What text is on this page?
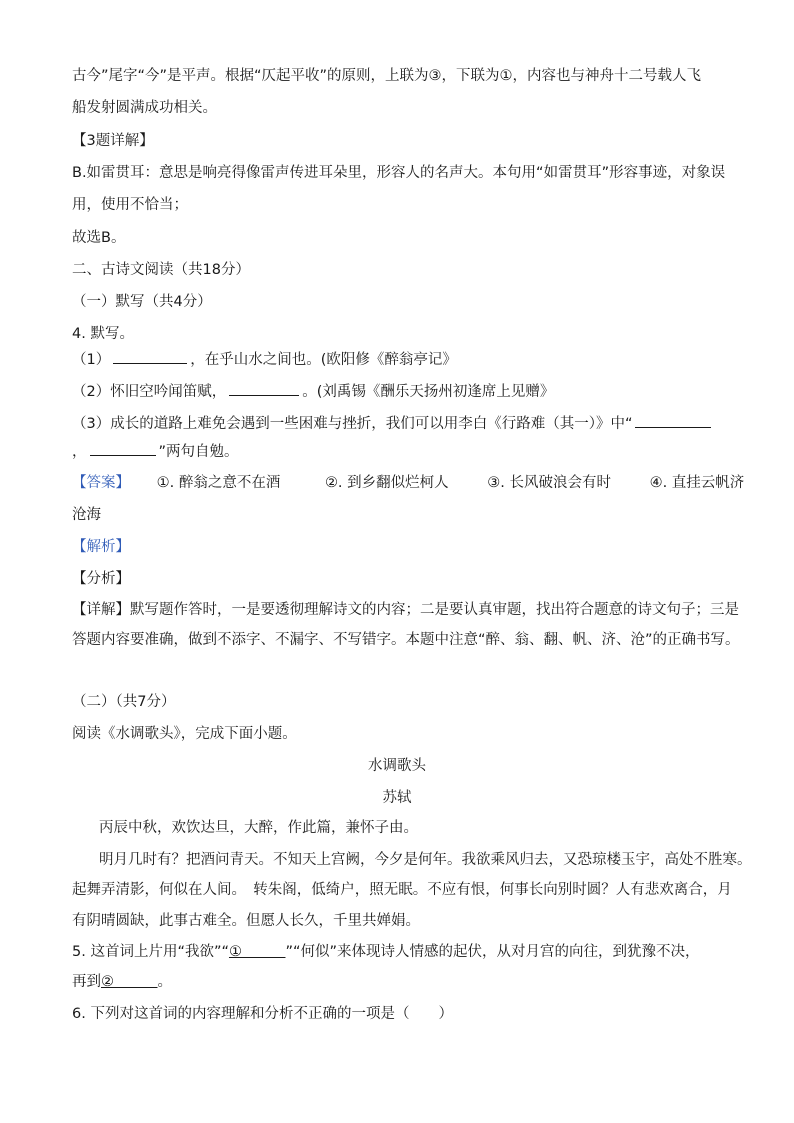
古今”尾字“今”是平声。根据“仄起平收”的原则，上联为③，下联为①，内容也与神舟十二号载人飞
船发射圆满成功相关。
【3题详解】
B.如雷贯耳：意思是响亮得像雷声传进耳朵里，形容人的名声大。本句用“如雷贯耳”形容事迹，对象误
用，使用不恰当；
故选B。
二、古诗文阅读（共18分）
（一）默写（共4分）
4. 默写。
（1）	，在乎山水之间也。(欧阳修《醉翁亭记》
（2）怀旧空吟闻笛赋，	。(刘禹锡《酬乐天扬州初逢席上见赠》
（3）成长的道路上难免会遇到一些困难与挫折，我们可以用李白《行路难（其一）》中“
，	”两句自勉。
【答案】 ①. 醉翁之意不在酒	②. 到乡翻似烂柯人	③. 长风破浪会有时	④. 直挂云帆济
沧海
【解析】
【分析】
【详解】默写题作答时，一是要透彻理解诗文的内容；二是要认真审题，找出符合题意的诗文句子；三是
答题内容要准确，做到不添字、不漏字、不写错字。本题中注意“醉、翁、翻、帆、济、沧”的正确书写。
（二）（共7分）
阅读《水调歌头》，完成下面小题。
水调歌头
苏轼
丙辰中秋，欢饮达旦，大醉，作此篇，兼怀子由。
明月几时有？把酒问青天。不知天上宫阙，今夕是何年。我欲乘风归去，又恐琼楼玉宇，高处不胜寒。
起舞弄清影，何似在人间。　转朱阁，低绮户，照无眠。不应有恨，何事长向别时圆？人有悲欢离合，月
有阴晴圆缺，此事古难全。但愿人长久，千里共婵娟。
5. 这首词上片用“我欲”“①　　　”“何似”来体现诗人情感的起伏，从对月宫的向往，到犹豫不决，
再到②　　　。
6. 下列对这首词的内容理解和分析不正确的一项是（　　）
